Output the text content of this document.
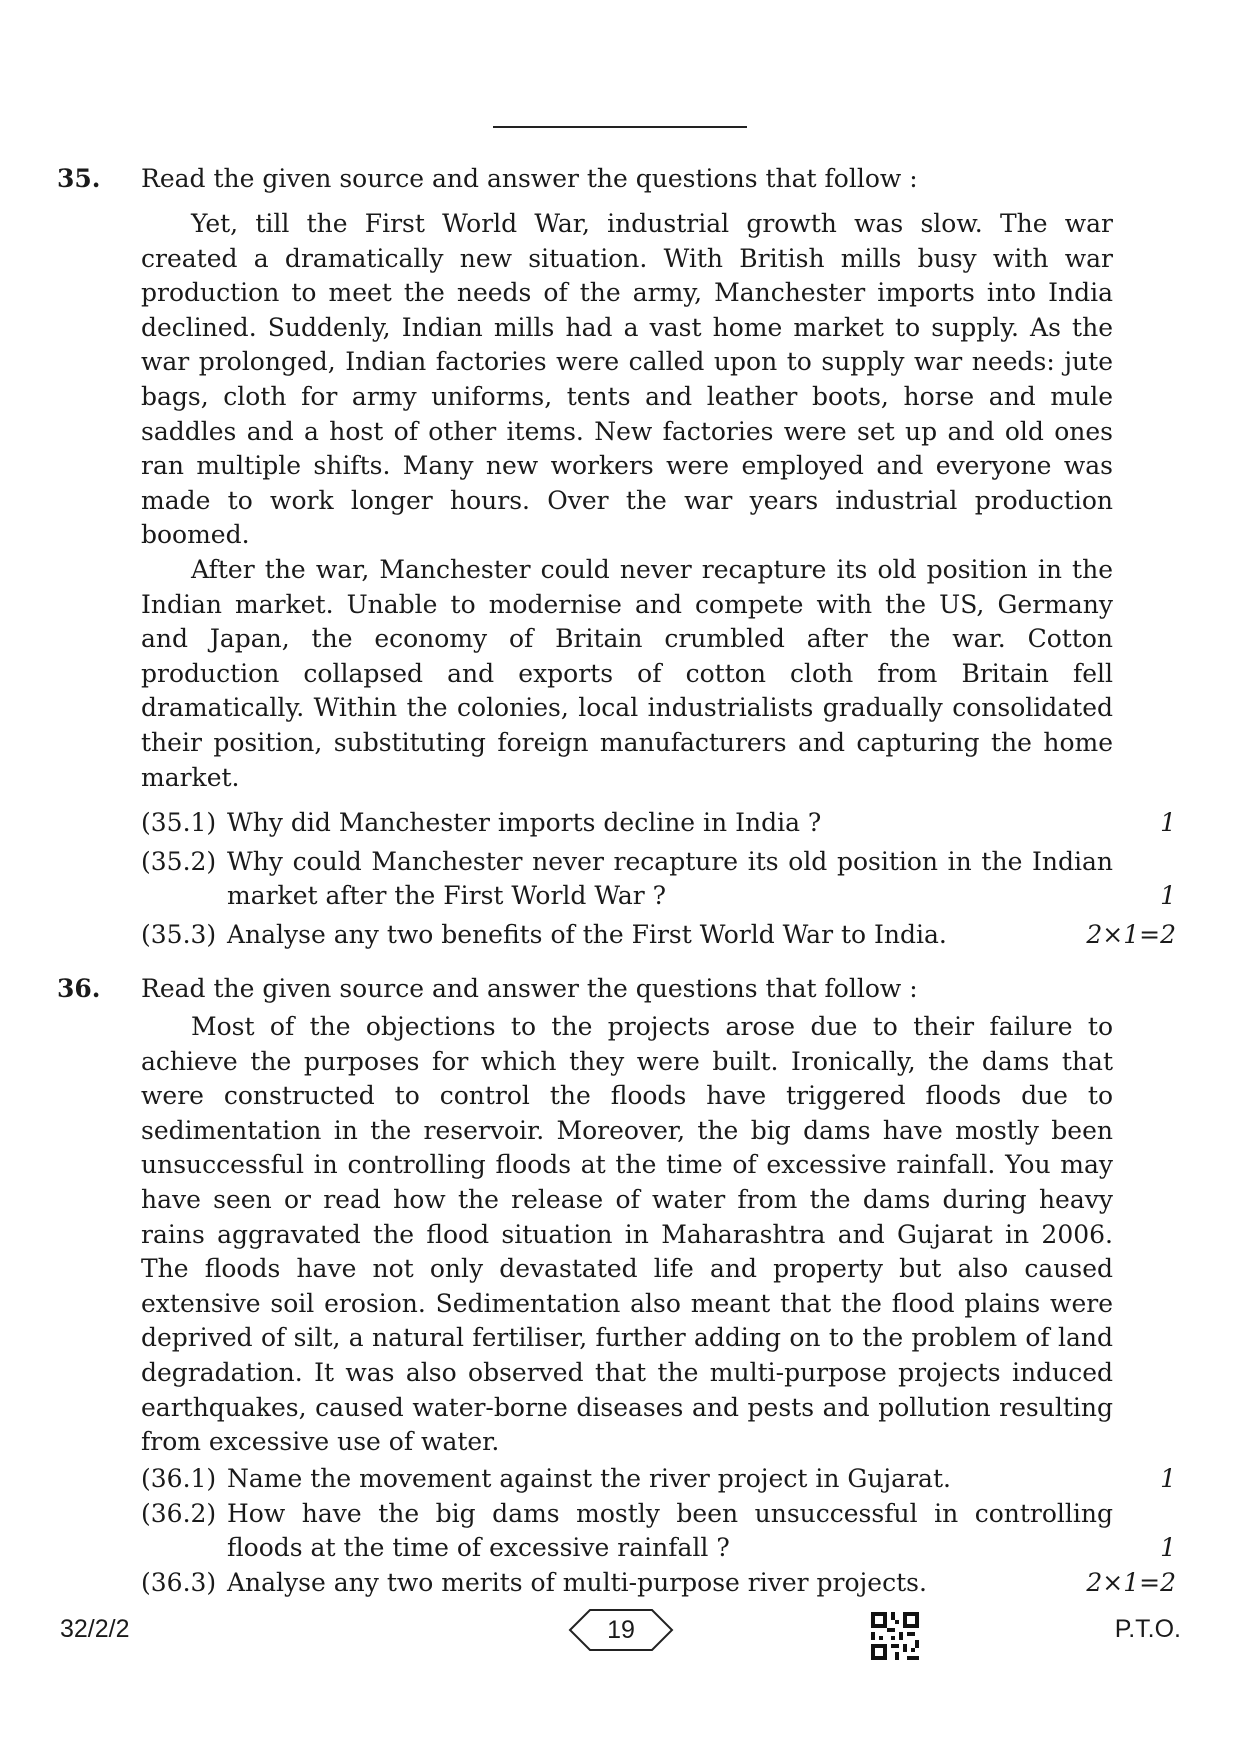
35. Read the given source and answer the questions that follow :

Yet, till the First World War, industrial growth was slow. The war created a dramatically new situation. With British mills busy with war production to meet the needs of the army, Manchester imports into India declined. Suddenly, Indian mills had a vast home market to supply. As the war prolonged, Indian factories were called upon to supply war needs: jute bags, cloth for army uniforms, tents and leather boots, horse and mule saddles and a host of other items. New factories were set up and old ones ran multiple shifts. Many new workers were employed and everyone was made to work longer hours. Over the war years industrial production boomed.

After the war, Manchester could never recapture its old position in the Indian market. Unable to modernise and compete with the US, Germany and Japan, the economy of Britain crumbled after the war. Cotton production collapsed and exports of cotton cloth from Britain fell dramatically. Within the colonies, local industrialists gradually consolidated their position, substituting foreign manufacturers and capturing the home market.

(35.1) Why did Manchester imports decline in India ?	1
(35.2) Why could Manchester never recapture its old position in the Indian market after the First World War ?	1
(35.3) Analyse any two benefits of the First World War to India.	2×1=2
36. Read the given source and answer the questions that follow :

Most of the objections to the projects arose due to their failure to achieve the purposes for which they were built. Ironically, the dams that were constructed to control the floods have triggered floods due to sedimentation in the reservoir. Moreover, the big dams have mostly been unsuccessful in controlling floods at the time of excessive rainfall. You may have seen or read how the release of water from the dams during heavy rains aggravated the flood situation in Maharashtra and Gujarat in 2006. The floods have not only devastated life and property but also caused extensive soil erosion. Sedimentation also meant that the flood plains were deprived of silt, a natural fertiliser, further adding on to the problem of land degradation. It was also observed that the multi-purpose projects induced earthquakes, caused water-borne diseases and pests and pollution resulting from excessive use of water.

(36.1) Name the movement against the river project in Gujarat.	1
(36.2) How have the big dams mostly been unsuccessful in controlling floods at the time of excessive rainfall ?	1
(36.3) Analyse any two merits of multi-purpose river projects.	2×1=2
32/2/2	19	P.T.O.
